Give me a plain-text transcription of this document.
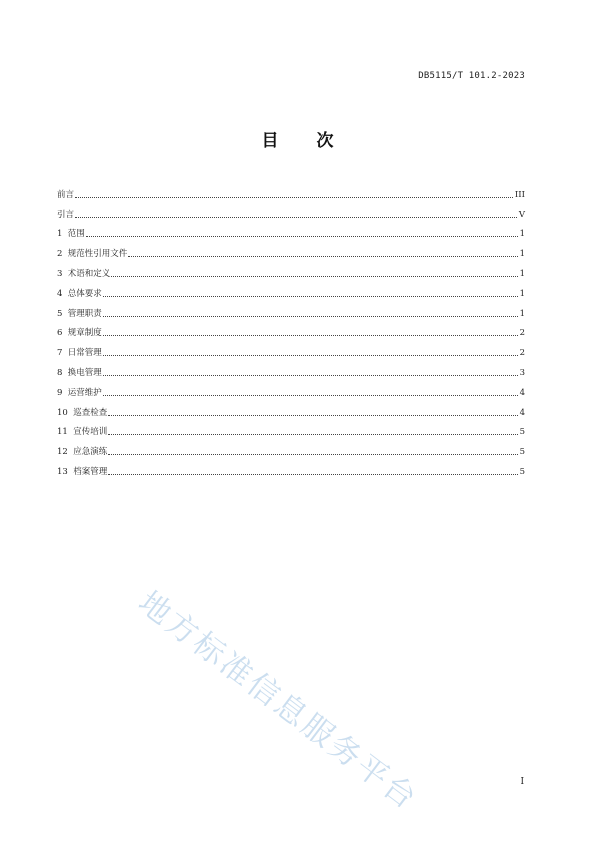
DB5115/T 101.2-2023
目 次
前言	III
引言	V
1  范围	1
2  规范性引用文件	1
3  术语和定义	1
4  总体要求	1
5  管理职责	1
6  规章制度	2
7  日常管理	2
8  换电管理	3
9  运营维护	4
10  巡查检查	4
11  宣传培训	5
12  应急演练	5
13  档案管理	5
地方标准信息服务平台	I
